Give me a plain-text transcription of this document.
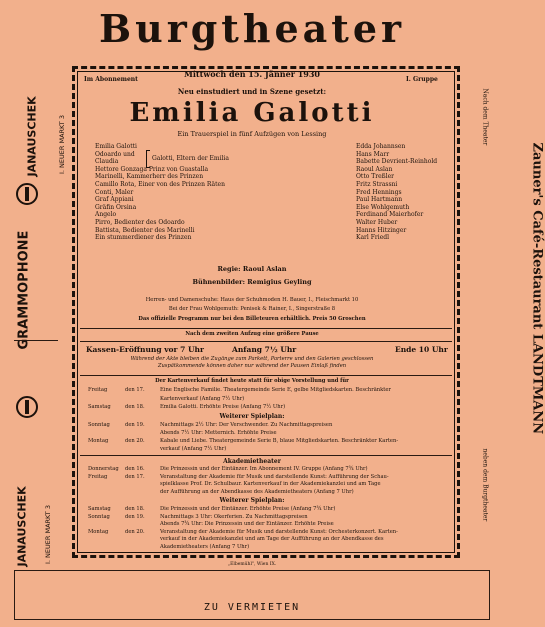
Burgtheater
Mittwoch den 15. Jänner 1930
Im Abonnement	I. Gruppe
Neu einstudiert und in Szene gesetzt:
Emilia Galotti
Ein Trauerspiel in fünf Aufzügen von Lessing
Emilia Galotti	Edda Johannsen
Odoardo und	Hans Marr
Claudia	Babette Devrient-Reinhold
Hettore Gonzaga Prinz von Guastalla	Raoul Aslan
Marinelli, Kammerherr des Prinzen	Otto Treßler
Camillo Rota, Einer von des Prinzen Räten	Fritz Strassni
Conti, Maler	Fred Hennings
Graf Appiani	Paul Hartmann
Gräfin Orsina	Else Wohlgemuth
Angelo	Ferdinand Maierhofer
Pirro, Bedienter des Odoardo	Walter Huber
Battista, Bedienter des Marinelli	Hanns Hitzinger
Ein stummerdiener des Prinzen	Karl Friedl
Galotti, Eltern der Emilia
Regie: Raoul Aslan
Bühnenbilder: Remigius Geyling
Herren- und Damenschuhe: Haus der Schuhmoden H. Bauer, I., Fleischmarkt 10
Bei der Frau Wohlgemuth: Penisek & Rainer, I., Singerstraße 8
Das offizielle Programm nur bei den Billeteuren erhältlich. Preis 50 Groschen
Nach dem zweiten Aufzug eine größere Pause
Kassen-Eröffnung vor 7 Uhr	Anfang 7½ Uhr	Ende 10 Uhr
Während der Akte bleiben die Zugänge zum Parkett, Parterre und den Galerien geschlossen
Zuspätkommende können daher nur während der Pausen Einlaß finden
Der Kartenverkauf findet heute statt für obige Vorstellung und für
Freitag	den 17.	Eine Englische Familie. Theatergemeinde Serie E, gelbe Mitgliedskarten. Beschränkter
Kartenverkauf (Anfang 7½ Uhr)
Samstag	den 18.	Emilia Galotti. Erhöhte Preise (Anfang 7½ Uhr)
Weiterer Spielplan:
Sonntag	den 19.	Nachmittags 2½ Uhr: Der Verschwender. Zu Nachmittagspreisen
Abends 7½ Uhr: Metternich. Erhöhte Preise
Montag	den 20.	Kabale und Liebe. Theatergemeinde Serie B, blaue Mitgliedskarten. Beschränkter Karten-
verkauf (Anfang 7½ Uhr)
Akademietheater
Donnerstag den 16.	Die Prinzessin und der Eintänzer. Im Abonnement IV. Gruppe (Anfang 7¾ Uhr)
Freitag	den 17.	Veranstaltung der Akademie für Musik und darstellende Kunst: Aufführung der Schau-
spielklasse Prof. Dr. Schulbaur. Kartenverkauf in der Akademiekanzlei und am Tage
der Aufführung an der Abendkasse des Akademietheaters (Anfang 7 Uhr)
Weiterer Spielplan:
Samstag	den 18.	Die Prinzessin und der Eintänzer. Erhöhte Preise (Anfang 7¾ Uhr)
Sonntag	den 19.	Nachmittags 3 Uhr: Okerferien. Zu Nachmittagspreisen
Abends 7¾ Uhr: Die Prinzessin und der Eintänzer. Erhöhte Preise
Montag	den 20.	Veranstaltung der Akademie für Musik und darstellende Kunst: Orchesterkonzert. Karten-
verkauf in der Akademiekanzlei und am Tage der Aufführung an der Abendkasse des
Akademietheaters (Anfang 7 Uhr)
„Elbemühl", Wien IX.
JANAUSCHEK	I. NEUER MARKT 3
GRAMMOPHONE
JANAUSCHEK I. NEUER MARKT 3
Zauner's Café-Restaurant LANDTMANN
Nach dem Theater
neben dem Burgtheater
ZU VERMIETEN
